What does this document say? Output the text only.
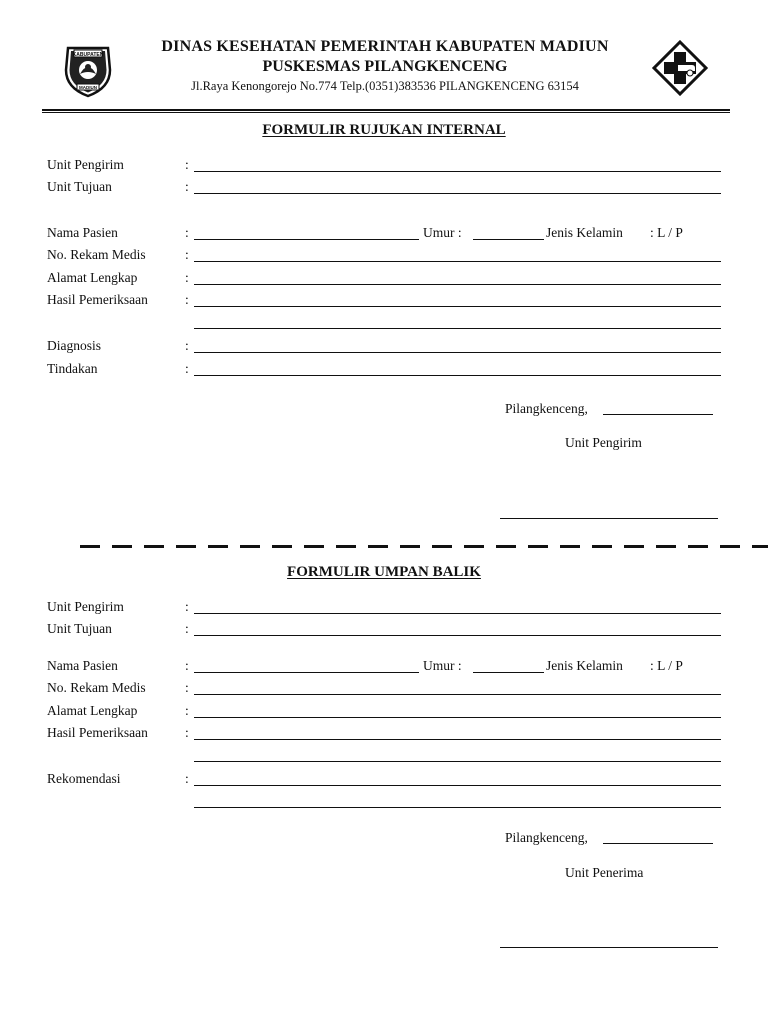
KABUPATEN
MADIUN
DINAS KESEHATAN PEMERINTAH KABUPATEN MADIUN
PUSKESMAS PILANGKENCENG
Jl.Raya Kenongorejo No.774 Telp.(0351)383536 PILANGKENCENG 63154
FORMULIR RUJUKAN INTERNAL
Unit Pengirim	:
Unit Tujuan	:
Nama Pasien	:	Umur :	Jenis Kelamin : L / P
No. Rekam Medis	:
Alamat Lengkap	:
Hasil Pemeriksaan	:
Diagnosis	:
Tindakan	:
Pilangkenceng,
Unit Pengirim
FORMULIR UMPAN BALIK
Unit Pengirim	:
Unit Tujuan	:
Nama Pasien	:	Umur :	Jenis Kelamin : L / P
No. Rekam Medis	:
Alamat Lengkap	:
Hasil Pemeriksaan	:
Rekomendasi	:
Pilangkenceng,
Unit Penerima
